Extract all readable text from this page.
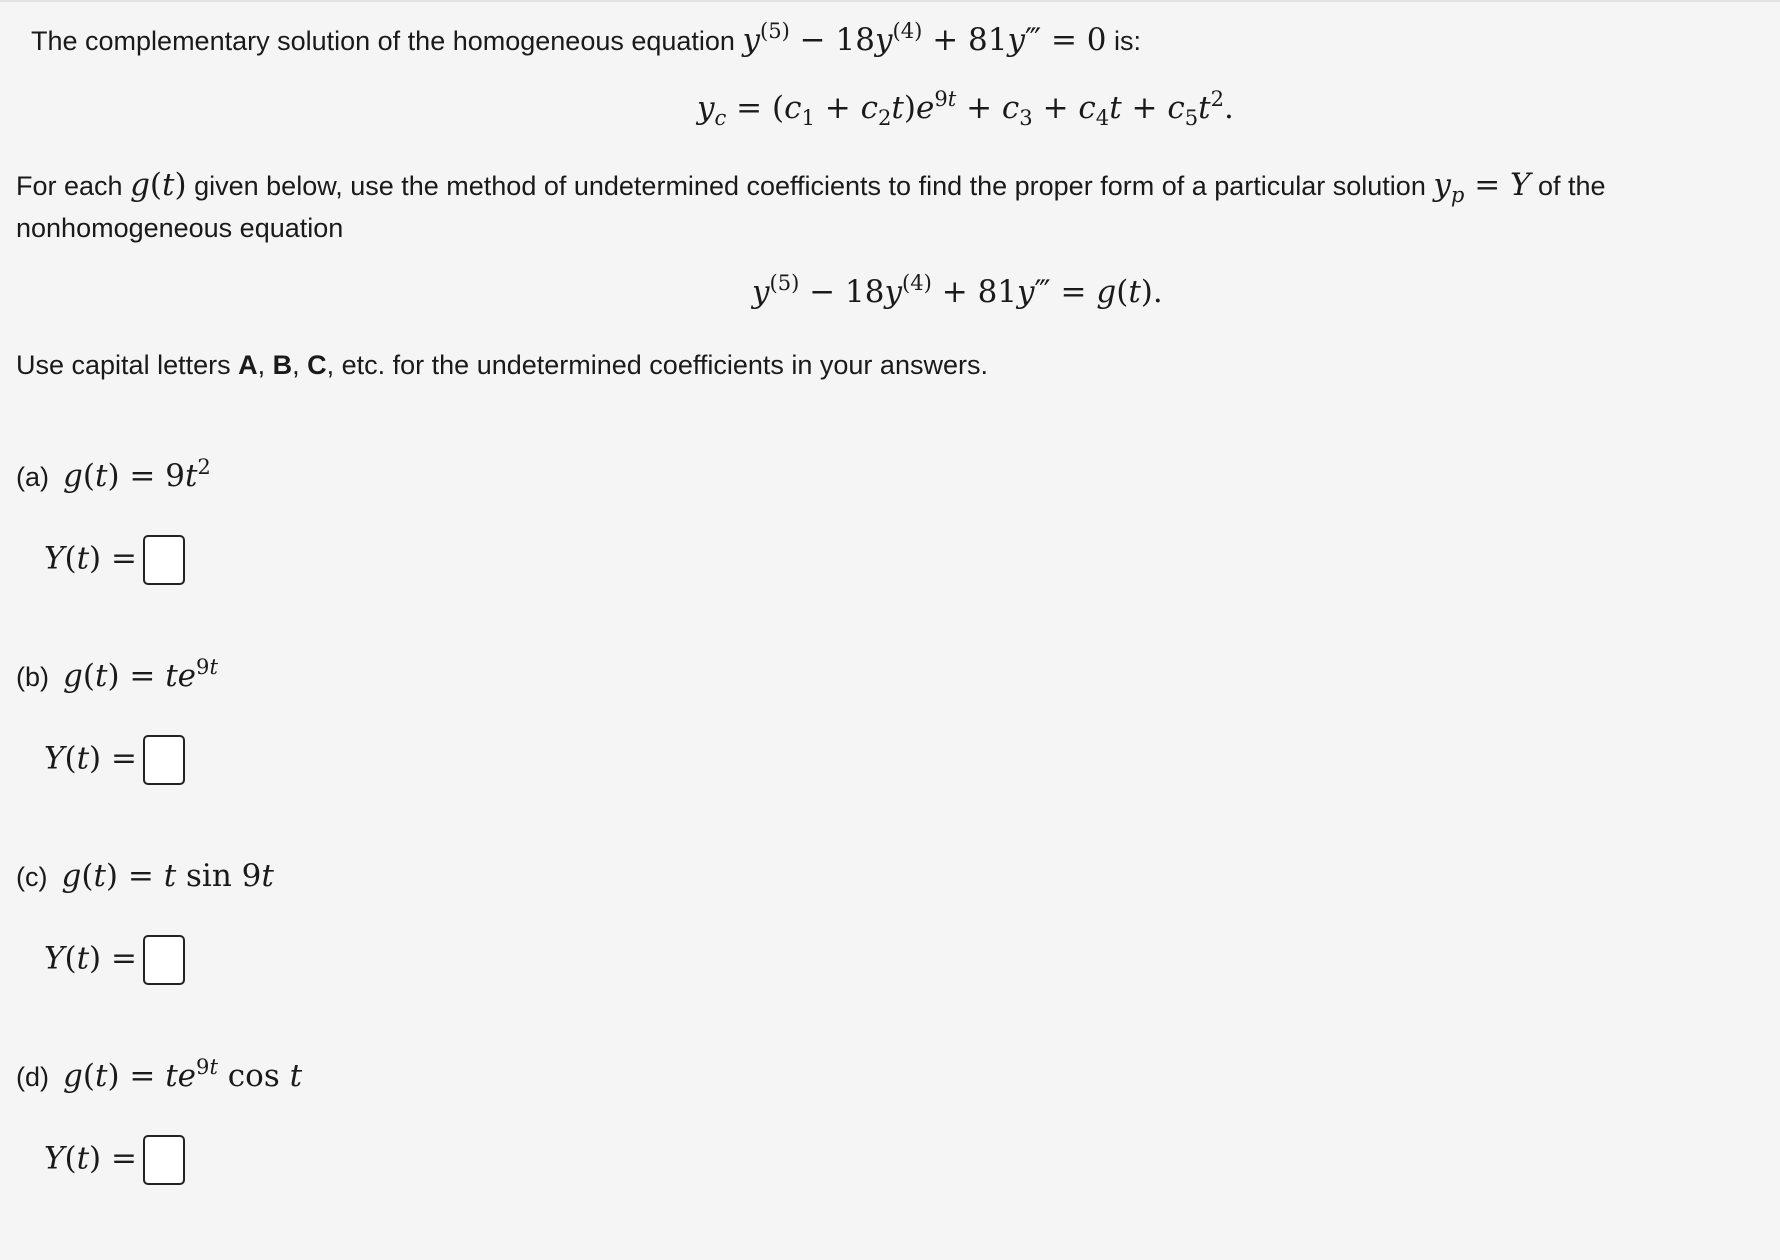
The complementary solution of the homogeneous equation $y^{(5)} - 18y^{(4)}$ + 81y‴ = 0 is:
$y_c = (c_1 + c_2t)e^{9t} + c_3 + c_4t + c_5t^2$.
For each g(t) given below, use the method of undetermined coefficients to find the proper form of a particular solution $y_p = Y$ of the nonhomogeneous equation
$y^{(5)} - 18y^{(4)}$ + 81y‴ = g(t).
Use capital letters A, B, C, etc. for the undetermined coefficients in your answers.
(a) $g(t) = 9t^2$
Y(t) =
(b) $g(t) = te^{9t}$
Y(t) =
(c) g(t) = t sin 9t
Y(t) =
(d) $g(t) = te^{9t}$ cos t
Y(t) =
